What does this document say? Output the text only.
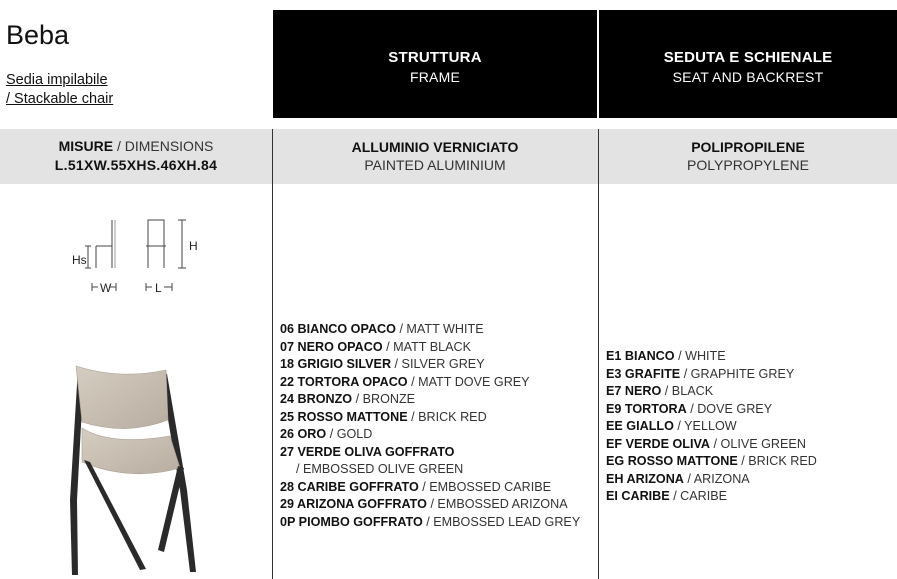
Beba
Sedia impilabile
/ Stackable chair
STRUTTURA
FRAME
SEDUTA E SCHIENALE
SEAT AND BACKREST
MISURE / DIMENSIONS
L.51XW.55XHS.46XH.84
ALLUMINIO VERNICIATO
PAINTED ALUMINIUM
POLIPROPILENE
POLYPROPYLENE
Hs
H
W	L
06 BIANCO OPACO / MATT WHITE
07 NERO OPACO / MATT BLACK
18 GRIGIO SILVER / SILVER GREY
22 TORTORA OPACO / MATT DOVE GREY
24 BRONZO / BRONZE
25 ROSSO MATTONE / BRICK RED
26 ORO / GOLD
27 VERDE OLIVA GOFFRATO
/ EMBOSSED OLIVE GREEN
28 CARIBE GOFFRATO / EMBOSSED CARIBE
29 ARIZONA GOFFRATO / EMBOSSED ARIZONA
0P PIOMBO GOFFRATO / EMBOSSED LEAD GREY
E1 BIANCO / WHITE
E3 GRAFITE / GRAPHITE GREY
E7 NERO / BLACK
E9 TORTORA / DOVE GREY
EE GIALLO / YELLOW
EF VERDE OLIVA / OLIVE GREEN
EG ROSSO MATTONE / BRICK RED
EH ARIZONA / ARIZONA
EI CARIBE / CARIBE
